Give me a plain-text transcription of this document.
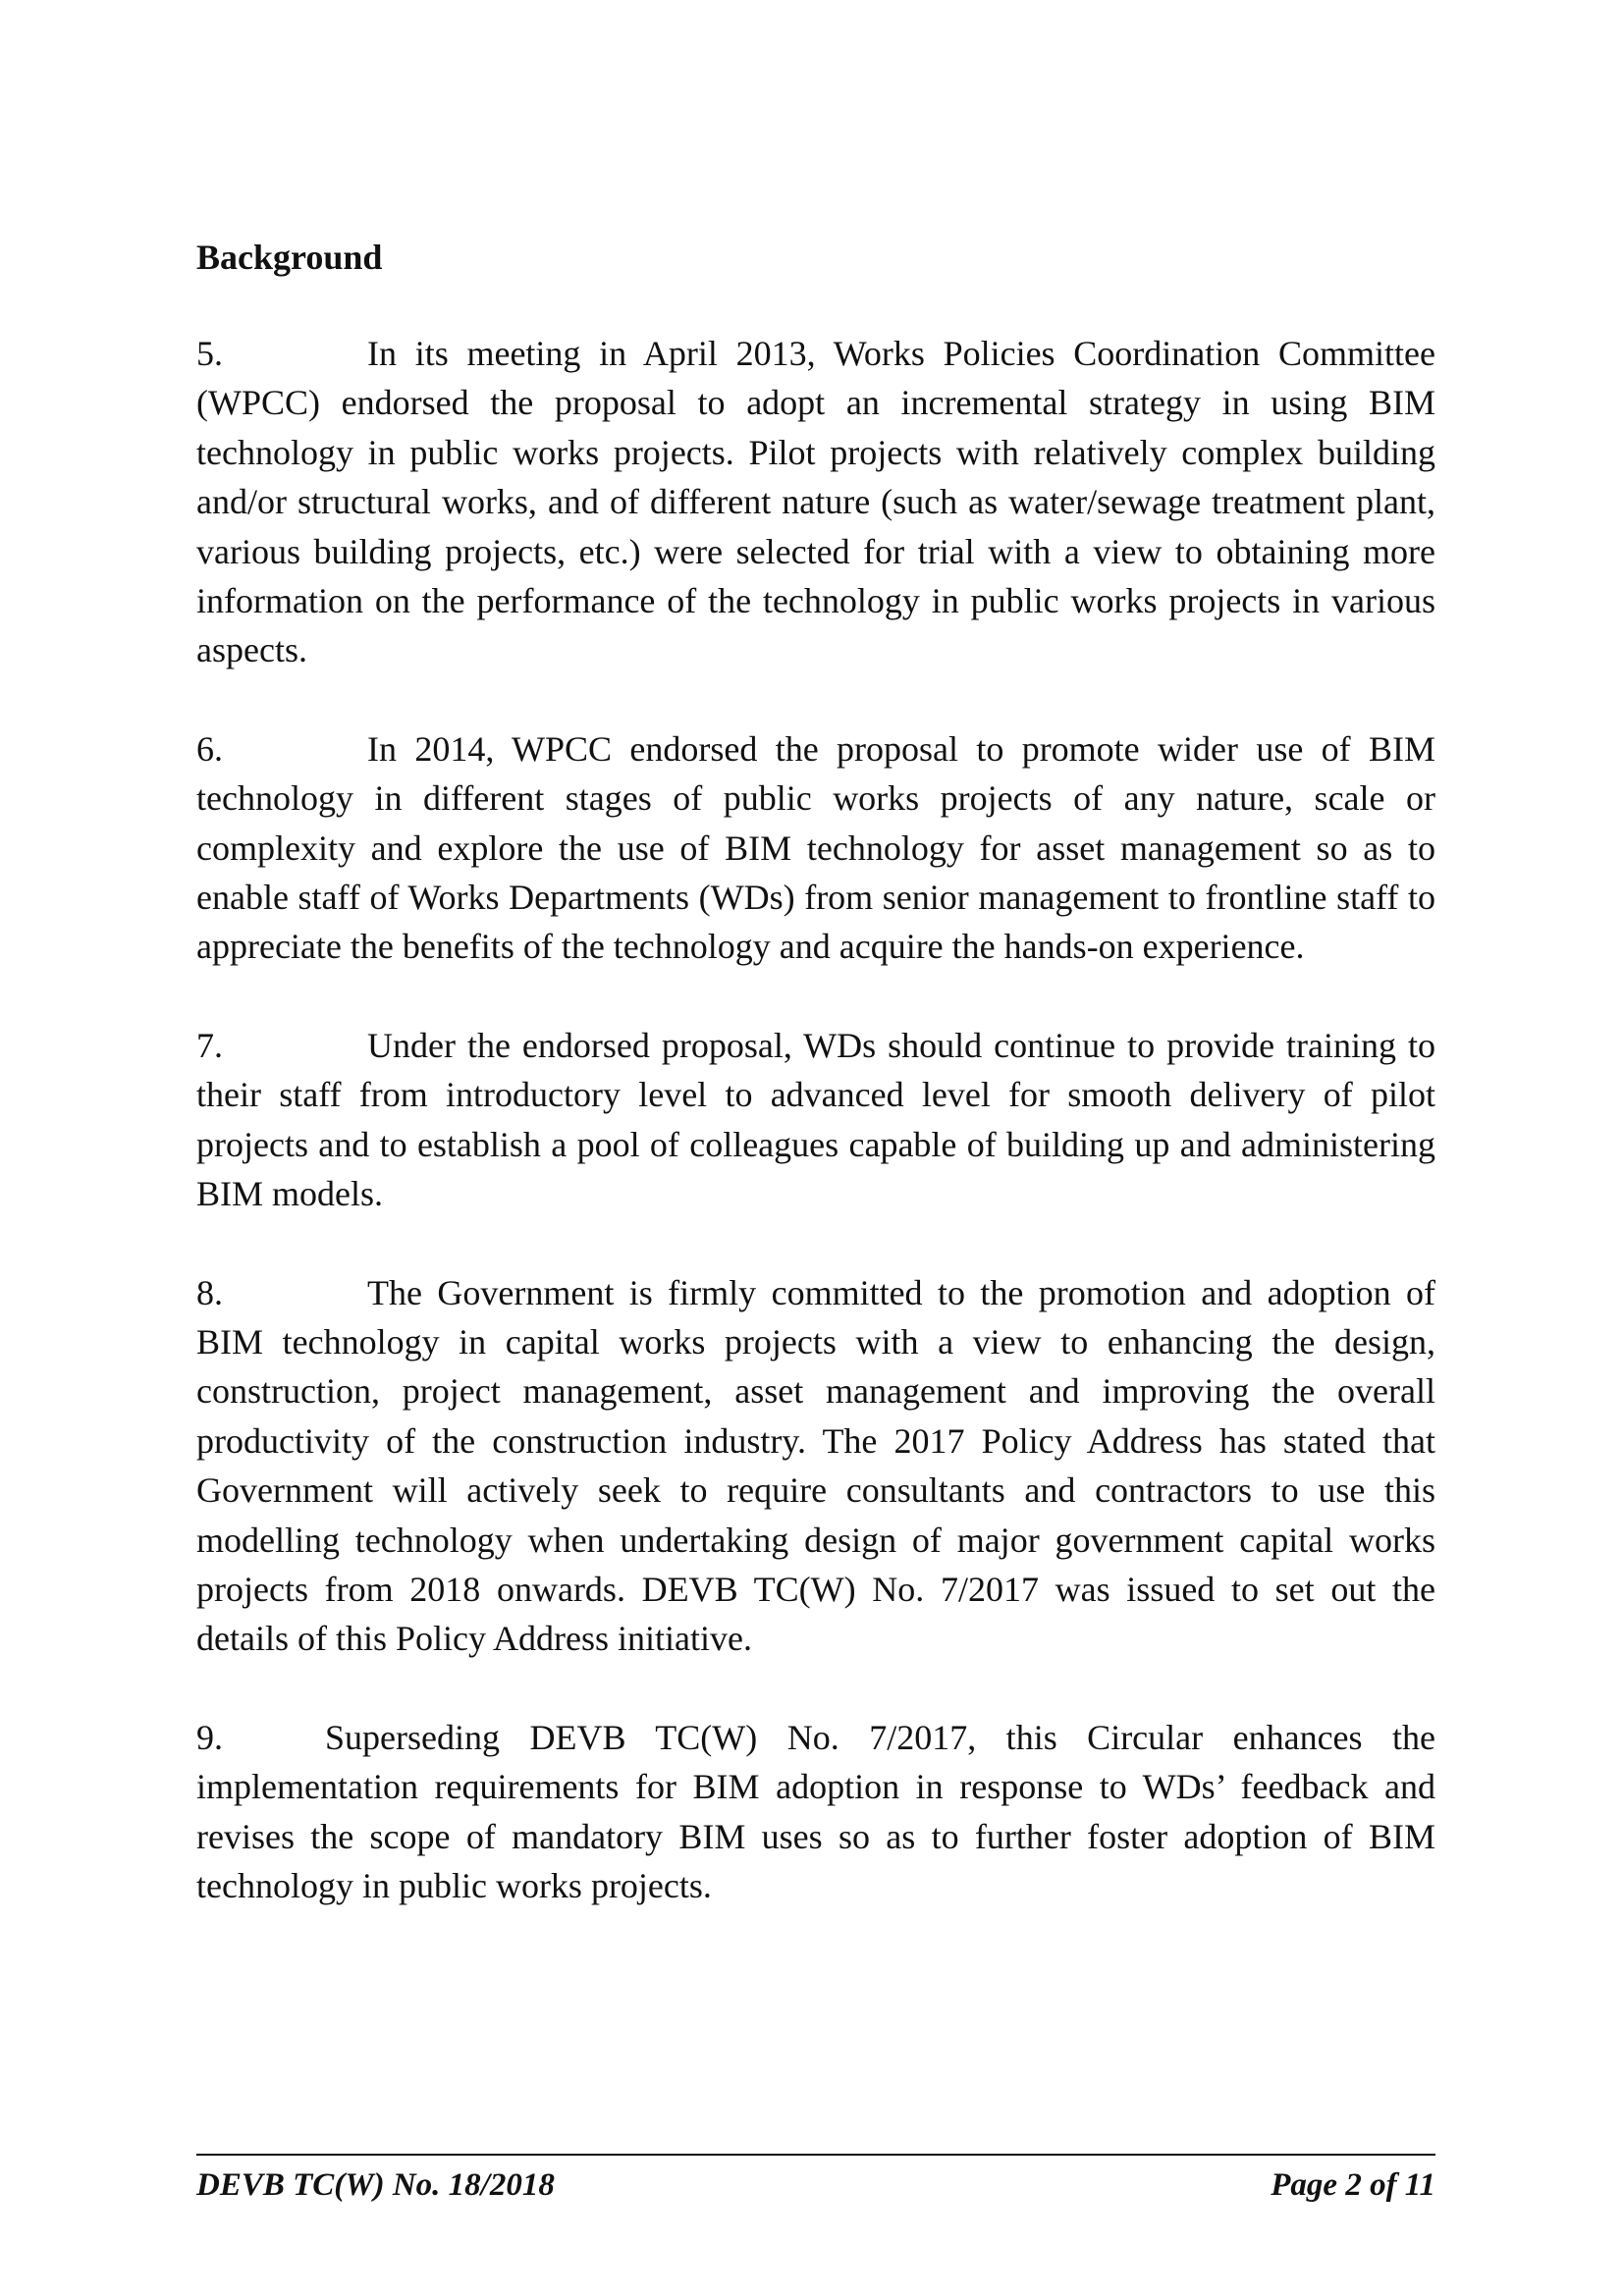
Background

5.	In its meeting in April 2013, Works Policies Coordination Committee (WPCC) endorsed the proposal to adopt an incremental strategy in using BIM technology in public works projects. Pilot projects with relatively complex building and/or structural works, and of different nature (such as water/sewage treatment plant, various building projects, etc.) were selected for trial with a view to obtaining more information on the performance of the technology in public works projects in various aspects.

6.	In 2014, WPCC endorsed the proposal to promote wider use of BIM technology in different stages of public works projects of any nature, scale or complexity and explore the use of BIM technology for asset management so as to enable staff of Works Departments (WDs) from senior management to frontline staff to appreciate the benefits of the technology and acquire the hands-on experience.

7.	Under the endorsed proposal, WDs should continue to provide training to their staff from introductory level to advanced level for smooth delivery of pilot projects and to establish a pool of colleagues capable of building up and administering BIM models.

8.	The Government is firmly committed to the promotion and adoption of BIM technology in capital works projects with a view to enhancing the design, construction, project management, asset management and improving the overall productivity of the construction industry. The 2017 Policy Address has stated that Government will actively seek to require consultants and contractors to use this modelling technology when undertaking design of major government capital works projects from 2018 onwards. DEVB TC(W) No. 7/2017 was issued to set out the details of this Policy Address initiative.

9.	Superseding DEVB TC(W) No. 7/2017, this Circular enhances the implementation requirements for BIM adoption in response to WDs’ feedback and revises the scope of mandatory BIM uses so as to further foster adoption of BIM technology in public works projects.

DEVB TC(W) No. 18/2018	Page 2 of 11
